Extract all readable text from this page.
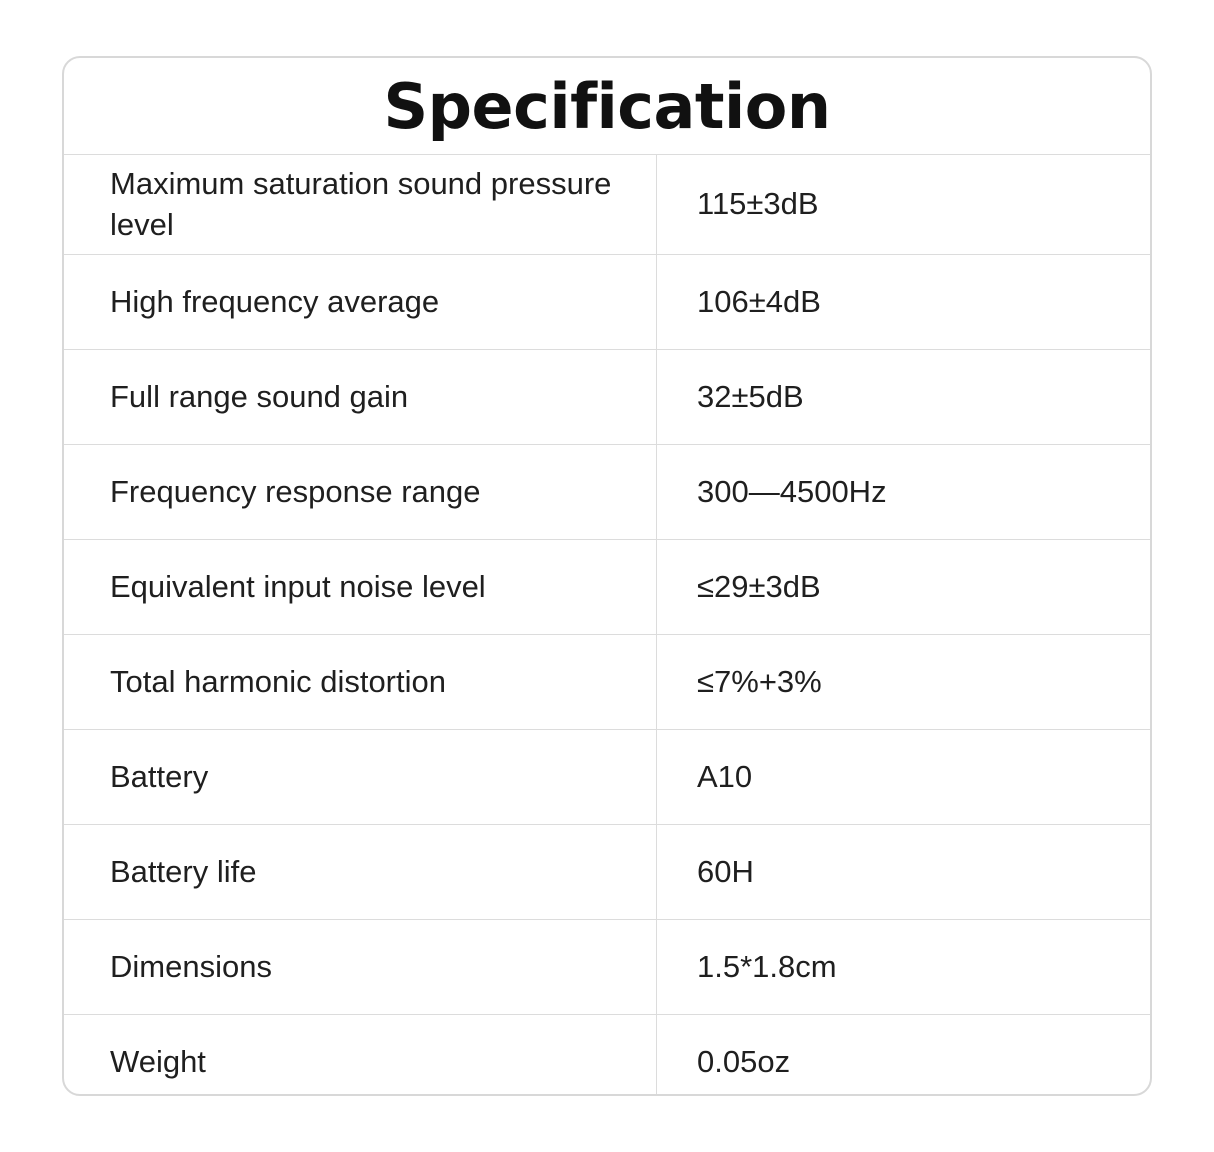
Specification
Maximum saturation sound pressure level	115±3dB
High frequency average	106±4dB
Full range sound gain	32±5dB
Frequency response range	300—4500Hz
Equivalent input noise level	≤29±3dB
Total harmonic distortion	≤7%+3%
Battery	A10
Battery life	60H
Dimensions	1.5*1.8cm
Weight	0.05oz
